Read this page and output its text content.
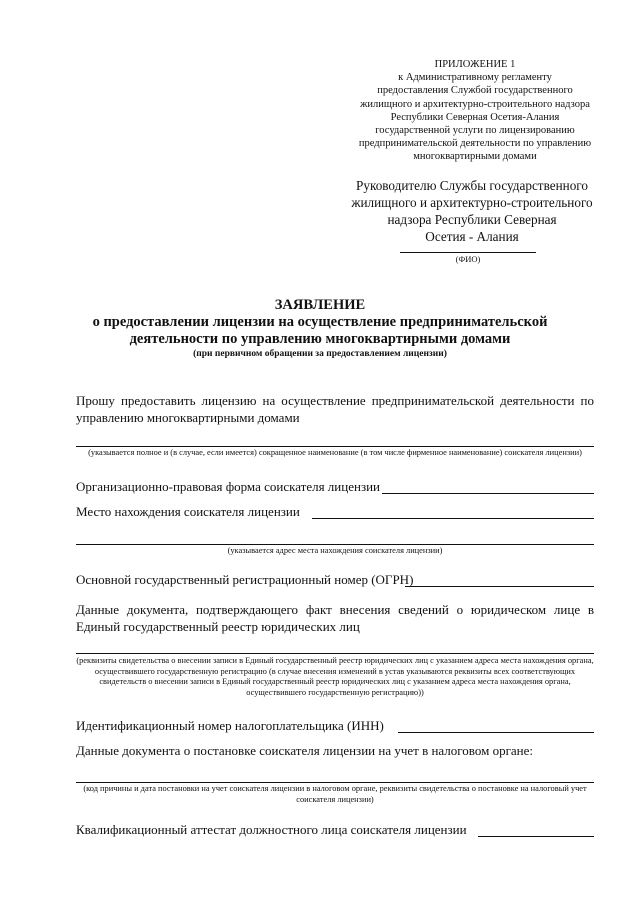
ПРИЛОЖЕНИЕ 1
к Административному регламенту
предоставления Службой государственного
жилищного и архитектурно-строительного надзора
Республики Северная Осетия-Алания
государственной услуги по лицензированию
предпринимательской деятельности по управлению
многоквартирными домами
Руководителю Службы государственного
жилищного и архитектурно-строительного
надзора Республики Северная
Осетия - Алания
(ФИО)
ЗАЯВЛЕНИЕ
о предоставлении лицензии на осуществление предпринимательской
деятельности по управлению многоквартирными домами
(при первичном обращении за предоставлением лицензии)
Прошу предоставить лицензию на осуществление предпринимательской деятельности по управлению многоквартирными домами
(указывается полное и (в случае, если имеется) сокращенное наименование (в том числе фирменное наименование) соискателя лицензии)
Организационно-правовая форма соискателя лицензии
Место нахождения соискателя лицензии
(указывается адрес места нахождения соискателя лицензии)
Основной государственный регистрационный номер (ОГРН)
Данные документа, подтверждающего факт внесения сведений о юридическом лице в Единый государственный реестр юридических лиц
(реквизиты свидетельства о внесении записи в Единый государственный реестр юридических лиц с указанием адреса места нахождения органа, осуществившего государственную регистрацию (в случае внесения изменений в устав указываются реквизиты всех соответствующих свидетельств о внесении записи в Единый государственный реестр юридических лиц с указанием адреса места нахождения органа, осуществившего государственную регистрацию))
Идентификационный номер налогоплательщика (ИНН)
Данные документа о постановке соискателя лицензии на учет в налоговом органе:
(код причины и дата постановки на учет соискателя лицензии в налоговом органе, реквизиты свидетельства о постановке на налоговый учет соискателя лицензии)
Квалификационный аттестат должностного лица соискателя лицензии
